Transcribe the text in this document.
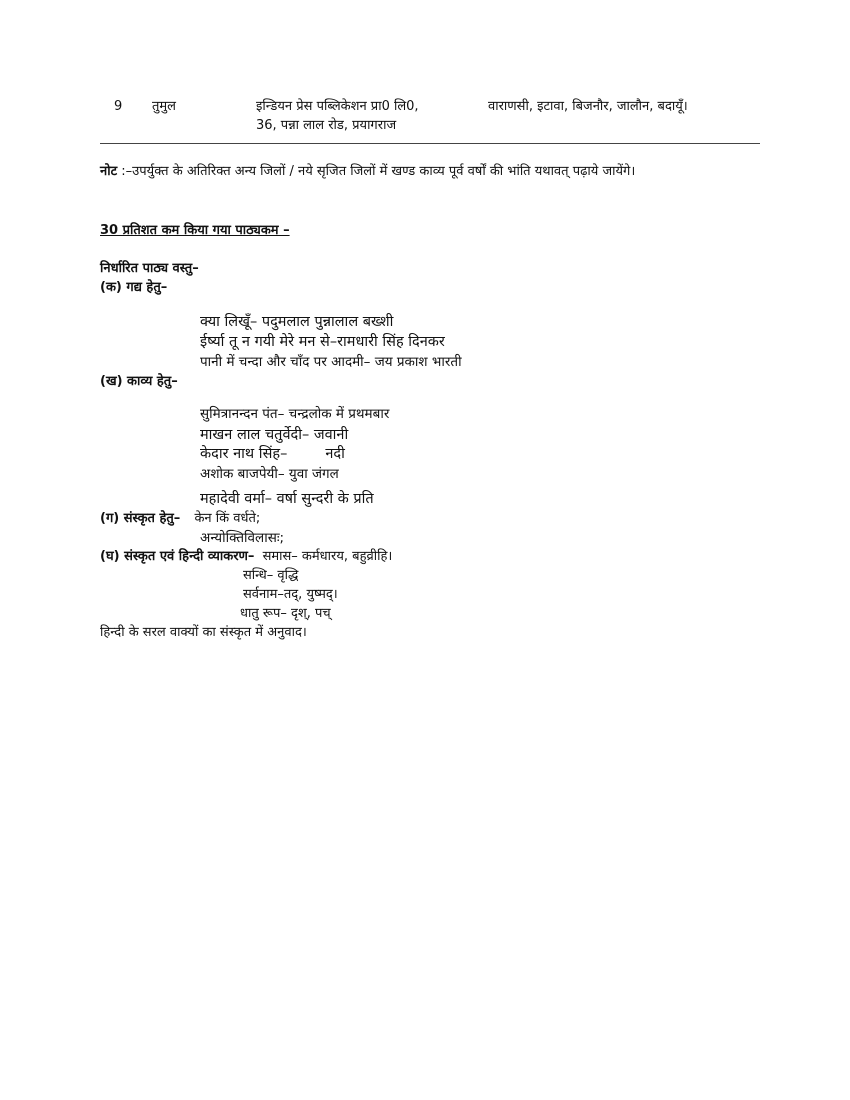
9 तुमुल	इन्डियन प्रेस पब्लिकेशन प्रा0 लि0,
36, पन्ना लाल रोड, प्रयागराज
वाराणसी, इटावा, बिजनौर, जालौन, बदायूँ।
नोट :–उपर्युक्त के अतिरिक्त अन्य जिलों / नये सृजित जिलों में खण्ड काव्य पूर्व वर्षों की भांति यथावत् पढ़ाये जायेंगे।
30 प्रतिशत कम किया गया पाठ्यकम –
निर्धारित पाठ्य वस्तु–
(क) गद्य हेतु–
क्या लिखूँ– पदुमलाल पुन्नालाल बख्शी
ईर्ष्या तू न गयी मेरे मन से–रामधारी सिंह दिनकर
पानी में चन्दा और चाँद पर आदमी– जय प्रकाश भारती
(ख) काव्य हेतु–
सुमित्रानन्दन पंत– चन्द्रलोक में प्रथमबार
माखन लाल चतुर्वेदी– जवानी
केदार नाथ सिंह–	नदी
अशोक बाजपेयी– युवा जंगल
महादेवी वर्मा– वर्षा सुन्दरी के प्रति
(ग) संस्कृत हेतु– केन किं वर्धते;
अन्योक्तिविलासः;
(घ) संस्कृत एवं हिन्दी व्याकरण– समास– कर्मधारय, बहुव्रीहि।
सन्धि– वृद्धि
सर्वनाम–तद्, युष्मद्।
धातु रूप– दृश्, पच्
हिन्दी के सरल वाक्यों का संस्कृत में अनुवाद।
